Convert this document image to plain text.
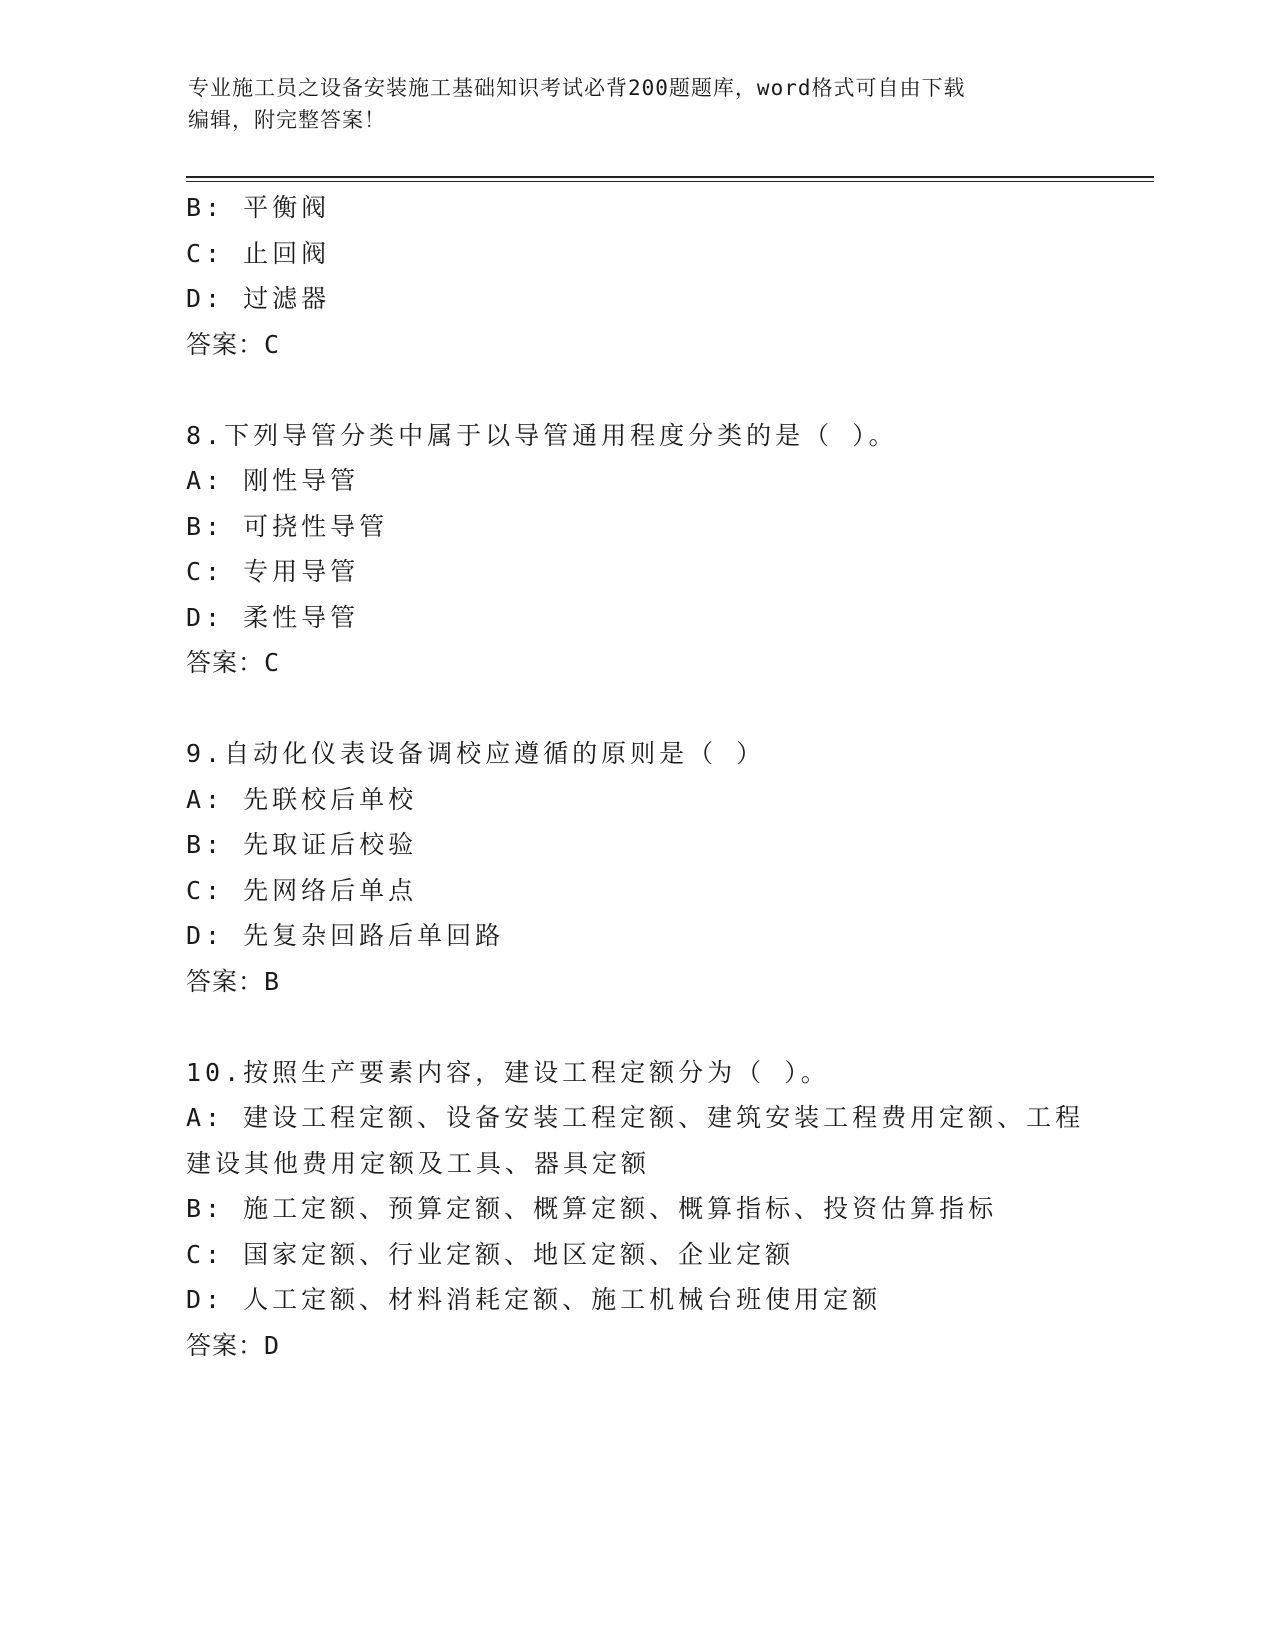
专业施工员之设备安装施工基础知识考试必背200题题库，word格式可自由下载
编辑，附完整答案！
B: 平衡阀
C: 止回阀
D: 过滤器
答案：C
8.下列导管分类中属于以导管通用程度分类的是（ ）。
A: 刚性导管
B: 可挠性导管
C: 专用导管
D: 柔性导管
答案：C
9.自动化仪表设备调校应遵循的原则是（ ）
A: 先联校后单校
B: 先取证后校验
C: 先网络后单点
D: 先复杂回路后单回路
答案：B
10.按照生产要素内容，建设工程定额分为（ ）。
A: 建设工程定额、设备安装工程定额、建筑安装工程费用定额、工程
建设其他费用定额及工具、器具定额
B: 施工定额、预算定额、概算定额、概算指标、投资估算指标
C: 国家定额、行业定额、地区定额、企业定额
D: 人工定额、材料消耗定额、施工机械台班使用定额
答案：D
